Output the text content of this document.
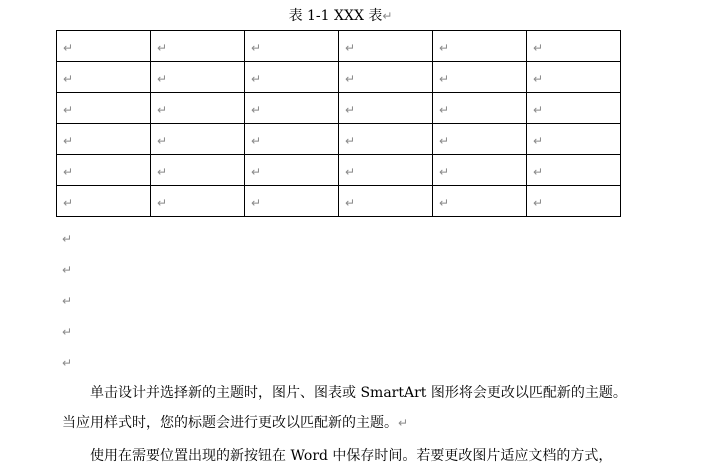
表 1-1 XXX 表↵
↵	↵	↵	↵	↵	↵
↵	↵	↵	↵	↵	↵
↵	↵	↵	↵	↵	↵
↵	↵	↵	↵	↵	↵
↵	↵	↵	↵	↵	↵
↵	↵	↵	↵	↵	↵
↵
↵
↵
↵
↵
　　单击设计并选择新的主题时，图片、图表或 SmartArt 图形将会更改以匹配新的主题。
当应用样式时，您的标题会进行更改以匹配新的主题。↵
　　使用在需要位置出现的新按钮在 Word 中保存时间。若要更改图片适应文档的方式，
